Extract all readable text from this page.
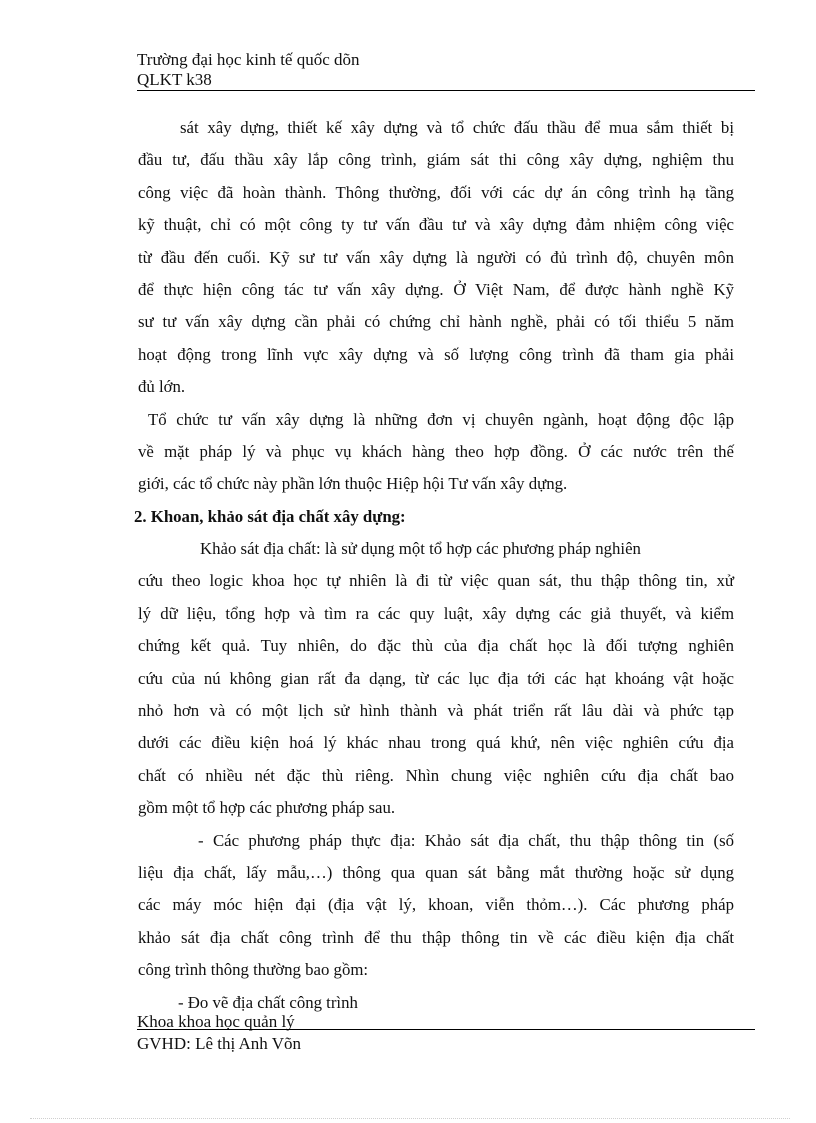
Trường đại học kinh tế quốc dõn
QLKT k38
sát xây dựng, thiết kế xây dựng và tổ chức đấu thầu để mua sắm thiết bị
đầu tư, đấu thầu xây lắp công trình, giám sát thi công xây dựng, nghiệm thu
công việc đã hoàn thành. Thông thường, đối với các dự án công trình hạ tầng
kỹ thuật, chỉ có một công ty tư vấn đầu tư và xây dựng đảm nhiệm công việc
từ đầu đến cuối. Kỹ sư tư vấn xây dựng là người có đủ trình độ, chuyên môn
để thực hiện công tác tư vấn xây dựng. Ở Việt Nam, để được hành nghề Kỹ
sư tư vấn xây dựng cần phải có chứng chỉ hành nghề, phải có tối thiểu 5 năm
hoạt động trong lĩnh vực xây dựng và số lượng công trình đã tham gia phải
đủ lớn.
Tổ chức tư vấn xây dựng là những đơn vị chuyên ngành, hoạt động độc lập
về mặt pháp lý và phục vụ khách hàng theo hợp đồng. Ở các nước trên thế
giới, các tổ chức này phần lớn thuộc Hiệp hội Tư vấn xây dựng.
2. Khoan, khảo sát địa chất xây dựng:
Khảo sát địa chất: là sử dụng một tổ hợp các phương pháp nghiên
cứu theo logic khoa học tự nhiên là đi từ việc quan sát, thu thập thông tin, xử
lý dữ liệu, tổng hợp và tìm ra các quy luật, xây dựng các giả thuyết, và kiểm
chứng kết quả. Tuy nhiên, do đặc thù của địa chất học là đối tượng nghiên
cứu của nú không gian rất đa dạng, từ các lục địa tới các hạt khoáng vật hoặc
nhỏ hơn và có một lịch sử hình thành và phát triển rất lâu dài và phức tạp
dưới các điều kiện hoá lý khác nhau trong quá khứ, nên việc nghiên cứu địa
chất có nhiều nét đặc thù riêng. Nhìn chung việc nghiên cứu địa chất bao
gồm một tổ hợp các phương pháp sau.
- Các phương pháp thực địa: Khảo sát địa chất, thu thập thông tin (số
liệu địa chất, lấy mẫu,…) thông qua quan sát bằng mắt thường hoặc sử dụng
các máy móc hiện đại (địa vật lý, khoan, viễn thỏm…). Các phương pháp
khảo sát địa chất công trình để thu thập thông tin về các điều kiện địa chất
công trình thông thường bao gồm:
- Đo vẽ địa chất công trình
Khoa khoa học quản lý
GVHD: Lê thị Anh Võn
